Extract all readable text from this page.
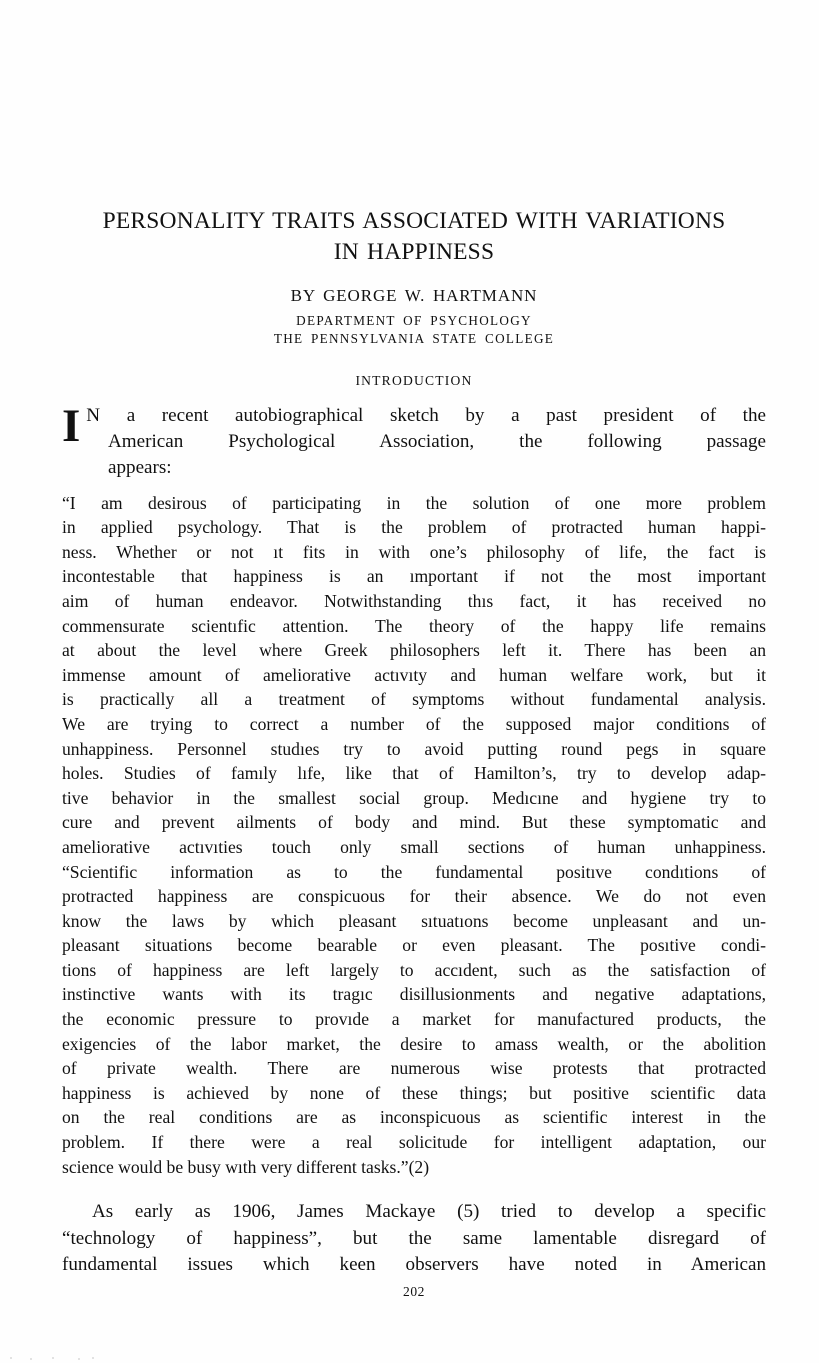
PERSONALITY TRAITS ASSOCIATED WITH VARIATIONS
IN HAPPINESS
BY GEORGE W. HARTMANN
DEPARTMENT OF PSYCHOLOGY
THE PENNSYLVANIA STATE COLLEGE
INTRODUCTION
I N a recent autobiographical sketch by a past president of the
American Psychological Association, the following passage
appears:
“I am desirous of participating in the solution of one more problem
in applied psychology. That is the problem of protracted human happi-
ness. Whether or not ıt fits in with one’s philosophy of life, the fact is
incontestable that happiness is an ımportant if not the most important
aim of human endeavor. Notwithstanding thıs fact, it has received no
commensurate scientıfic attention. The theory of the happy life remains
at about the level where Greek philosophers left it. There has been an
immense amount of ameliorative actıvıty and human welfare work, but it
is practically all a treatment of symptoms without fundamental analysis.
We are trying to correct a number of the supposed maјor conditions of
unhappiness. Personnel studıes try to avoid putting round pegs in square
holes. Studies of famıly lıfe, like that of Hamilton’s, try to develop adap-
tive behavior in the smallest social group. Medıcıne and hygiene try to
cure and prevent ailments of body and mind. But these symptomatic and
ameliorative actıvıties touch only small sections of human unhappiness.
“Scientific information as to the fundamental positıve condıtions of
protracted happiness are conspicuous for their absence. We do not even
know the laws by which pleasant sıtuatıons become unpleasant and un-
pleasant situations become bearable or even pleasant. The posıtive condi-
tions of happiness are left largely to accıdent, such as the satisfaction of
instinctive wants with its tragıc disillusionments and negative adaptations,
the economic pressure to provıde a market for manufactured products, the
exigencies of the labor market, the desire to amass wealth, or the abolition
of private wealth. There are numerous wise protests that protracted
happiness is achieved by none of these things; but positive scientific data
on the real conditions are as inconspicuous as scientific interest in the
problem. If there were a real solicitude for intelligent adaptation, our
science would be busy wıth very different tasks.”(2)
As early as 1906, James Mackaye (5) tried to develop a specific
“technology of happiness”, but the same lamentable disregard of
fundamental issues which keen observers have noted in American
202
